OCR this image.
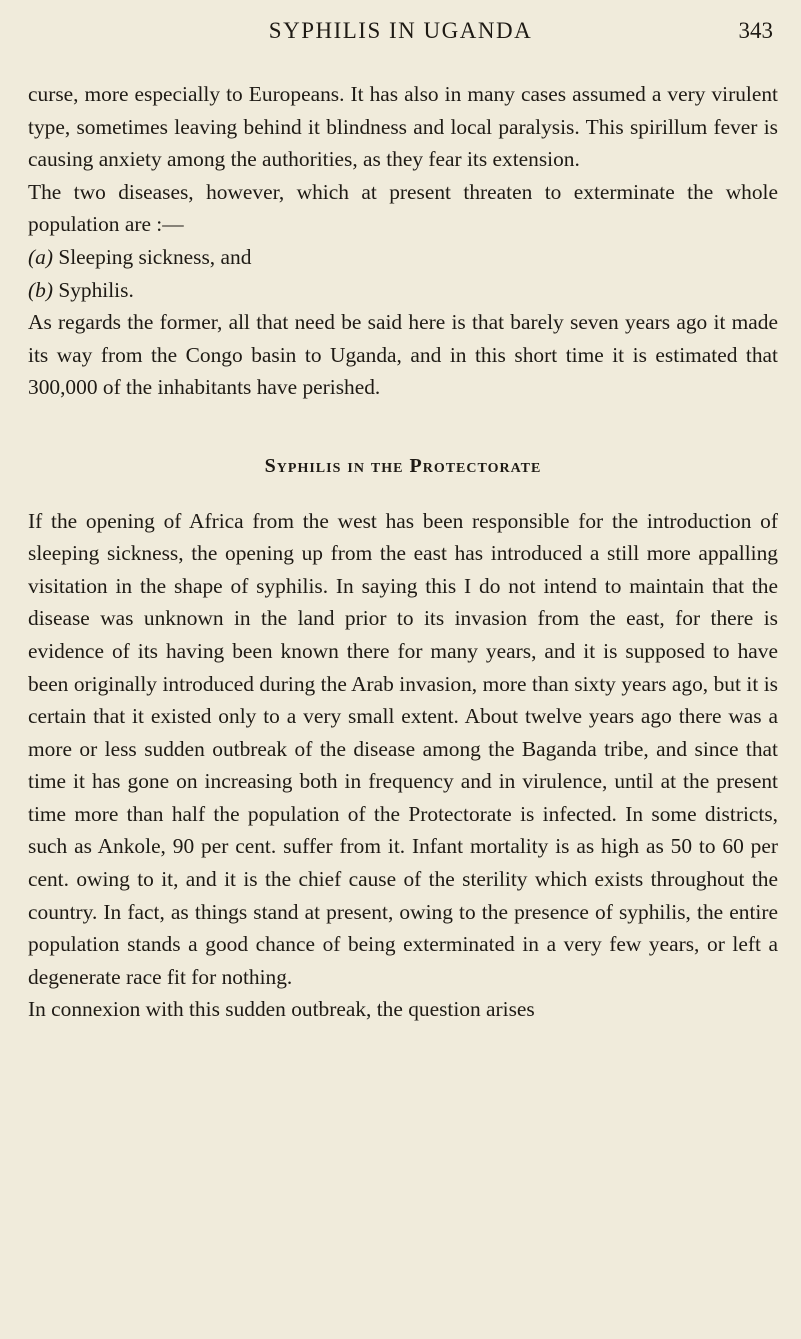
SYPHILIS IN UGANDA	343

curse, more especially to Europeans. It has also in many cases assumed a very virulent type, sometimes leaving behind it blindness and local paralysis. This spirillum fever is causing anxiety among the authorities, as they fear its extension.

The two diseases, however, which at present threaten to exterminate the whole population are :—

(a) Sleeping sickness, and

(b) Syphilis.

As regards the former, all that need be said here is that barely seven years ago it made its way from the Congo basin to Uganda, and in this short time it is estimated that 300,000 of the inhabitants have perished.

Syphilis in the Protectorate

If the opening of Africa from the west has been responsible for the introduction of sleeping sickness, the opening up from the east has introduced a still more appalling visitation in the shape of syphilis. In saying this I do not intend to maintain that the disease was unknown in the land prior to its invasion from the east, for there is evidence of its having been known there for many years, and it is supposed to have been originally introduced during the Arab invasion, more than sixty years ago, but it is certain that it existed only to a very small extent. About twelve years ago there was a more or less sudden outbreak of the disease among the Baganda tribe, and since that time it has gone on increasing both in frequency and in virulence, until at the present time more than half the population of the Protectorate is infected. In some districts, such as Ankole, 90 per cent. suffer from it. Infant mortality is as high as 50 to 60 per cent. owing to it, and it is the chief cause of the sterility which exists throughout the country. In fact, as things stand at present, owing to the presence of syphilis, the entire population stands a good chance of being exterminated in a very few years, or left a degenerate race fit for nothing.

In connexion with this sudden outbreak, the question arises
